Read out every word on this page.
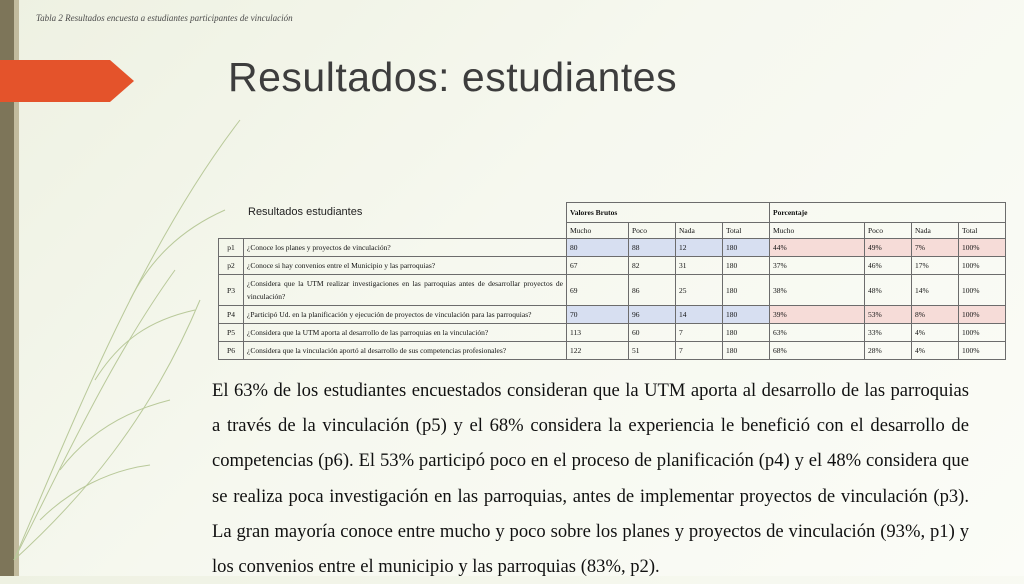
Tabla 2 Resultados encuesta a estudiantes participantes de vinculación
Resultados: estudiantes
		Valores Brutos				Porcentaje			
		Mucho	Poco	Nada	Total	Mucho	Poco	Nada	Total
p1	¿Conoce los planes y proyectos de vinculación?	80	88	12	180	44%	49%	7%	100%
p2	¿Conoce si hay convenios entre el Municipio y las parroquias?	67	82	31	180	37%	46%	17%	100%
P3	¿Considera que la UTM realizar investigaciones en las parroquias antes de desarrollar proyectos de vinculación?	69	86	25	180	38%	48%	14%	100%
P4	¿Participó Ud. en la planificación y ejecución de proyectos de vinculación para las parroquias?	70	96	14	180	39%	53%	8%	100%
P5	¿Considera que la UTM aporta al desarrollo de las parroquias en la vinculación?	113	60	7	180	63%	33%	4%	100%
P6	¿Considera que la vinculación aportó al desarrollo de sus competencias profesionales?	122	51	7	180	68%	28%	4%	100%
Resultados estudiantes

El 63% de los estudiantes encuestados consideran que la UTM aporta al desarrollo de las parroquias a través de la vinculación (p5) y el 68% considera la experiencia le benefició con el desarrollo de competencias (p6). El 53% participó poco en el proceso de planificación (p4) y el 48% considera que se realiza poca investigación en las parroquias, antes de implementar proyectos de vinculación (p3). La gran mayoría conoce entre mucho y poco sobre los planes y proyectos de vinculación (93%, p1) y los convenios entre el municipio y las parroquias (83%, p2).
